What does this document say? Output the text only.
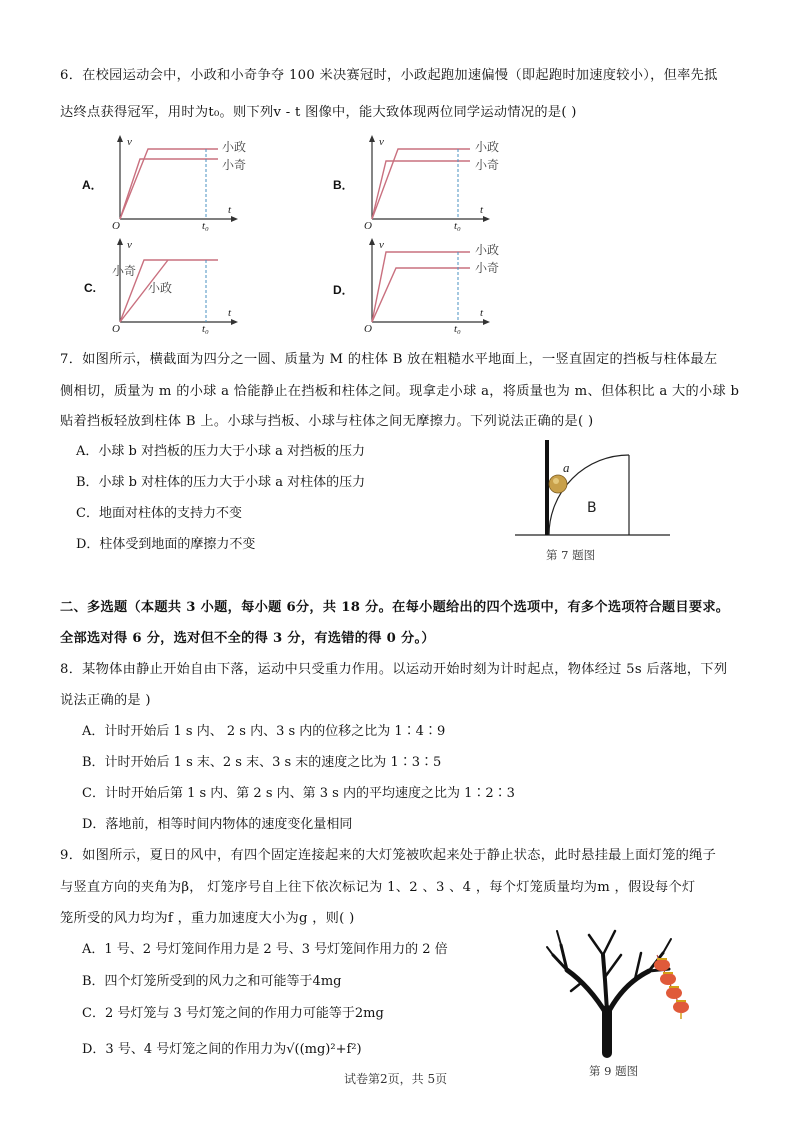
6．在校园运动会中，小政和小奇争夺 100 米决赛冠时，小政起跑加速偏慢（即起跑时加速度较小），但率先抵
达终点获得冠军，用时为t₀。则下列v - t 图像中，能大致体现两位同学运动情况的是( )
A．
v
t
O	t₀
小政
小奇
B．
v
t
O	t₀
小政
小奇
C.
v
t
O	t₀
小奇
小政	D．
v
t
O	t₀
小政
小奇
7．如图所示，横截面为四分之一圆、质量为 M 的柱体 B 放在粗糙水平地面上，一竖直固定的挡板与柱体最左
侧相切，质量为 m 的小球 a 恰能静止在挡板和柱体之间。现拿走小球 a，将质量也为 m、但体积比 a 大的小球 b
贴着挡板轻放到柱体 B 上。小球与挡板、小球与柱体之间无摩擦力。下列说法正确的是( )
A．小球 b 对挡板的压力大于小球 a 对挡板的压力
B．小球 b 对柱体的压力大于小球 a 对柱体的压力
C．地面对柱体的支持力不变
D．柱体受到地面的摩擦力不变
a
B
第 7 题图
二、多选题（本题共 3 小题，每小题 6分，共 18 分。在每小题给出的四个选项中，有多个选项符合题目要求。
全部选对得 6 分，选对但不全的得 3 分，有选错的得 0 分。）
8．某物体由静止开始自由下落，运动中只受重力作用。以运动开始时刻为计时起点，物体经过 5s 后落地，下列
说法正确的是 )
A．计时开始后 1 s 内、 2 s 内、3 s 内的位移之比为 1∶4∶9
B．计时开始后 1 s 末、2 s 末、3 s 末的速度之比为 1∶3∶5
C．计时开始后第 1 s 内、第 2 s 内、第 3 s 内的平均速度之比为 1∶2∶3
D．落地前，相等时间内物体的速度变化量相同
9．如图所示，夏日的风中，有四个固定连接起来的大灯笼被吹起来处于静止状态，此时悬挂最上面灯笼的绳子
与竖直方向的夹角为β， 灯笼序号自上往下依次标记为 1、2 、3 、4 ，每个灯笼质量均为m ，假设每个灯
笼所受的风力均为f ，重力加速度大小为g ，则( )
A．1 号、2 号灯笼间作用力是 2 号、3 号灯笼间作用力的 2 倍
B．四个灯笼所受到的风力之和可能等于4mg
C．2 号灯笼与 3 号灯笼之间的作用力可能等于2mg
D．3 号、4 号灯笼之间的作用力为√((mg)²+f²)
第 9 题图
试卷第2页，共 5页
